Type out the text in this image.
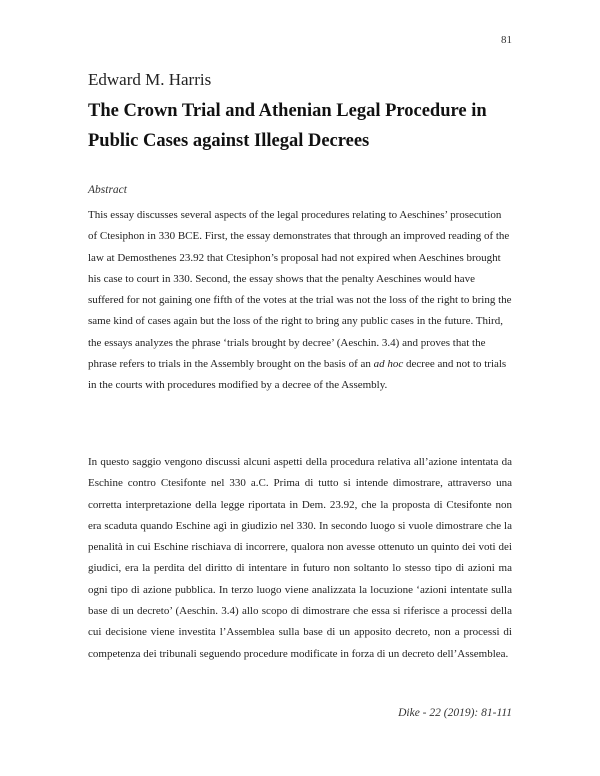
81
Edward M. Harris
The Crown Trial and Athenian Legal Procedure in
Public Cases against Illegal Decrees
Abstract

This essay discusses several aspects of the legal procedures relating to Aeschines’ prosecution of Ctesiphon in 330 BCE. First, the essay demonstrates that through an improved reading of the law at Demosthenes 23.92 that Ctesiphon’s proposal had not expired when Aeschines brought his case to court in 330. Second, the essay shows that the penalty Aeschines would have suffered for not gaining one fifth of the votes at the trial was not the loss of the right to bring the same kind of cases again but the loss of the right to bring any public cases in the future. Third, the essays analyzes the phrase ‘trials brought by decree’ (Aeschin. 3.4) and proves that the phrase refers to trials in the Assembly brought on the basis of an ad hoc decree and not to trials in the courts with procedures modified by a decree of the Assembly.

In questo saggio vengono discussi alcuni aspetti della procedura relativa all’azione intentata da Eschine contro Ctesifonte nel 330 a.C. Prima di tutto si intende dimostrare, attraverso una corretta interpretazione della legge riportata in Dem. 23.92, che la proposta di Ctesifonte non era scaduta quando Eschine agì in giudizio nel 330. In secondo luogo si vuole dimostrare che la penalità in cui Eschine rischiava di incorrere, qualora non avesse ottenuto un quinto dei voti dei giudici, era la perdita del diritto di intentare in futuro non soltanto lo stesso tipo di azioni ma ogni tipo di azione pubblica. In terzo luogo viene analizzata la locuzione ‘azioni intentate sulla base di un decreto’ (Aeschin. 3.4) allo scopo di dimostrare che essa si riferisce a processi della cui decisione viene investita l’Assemblea sulla base di un apposito decreto, non a processi di competenza dei tribunali seguendo procedure modificate in forza di un decreto dell’Assemblea.

Dike - 22 (2019): 81-111
